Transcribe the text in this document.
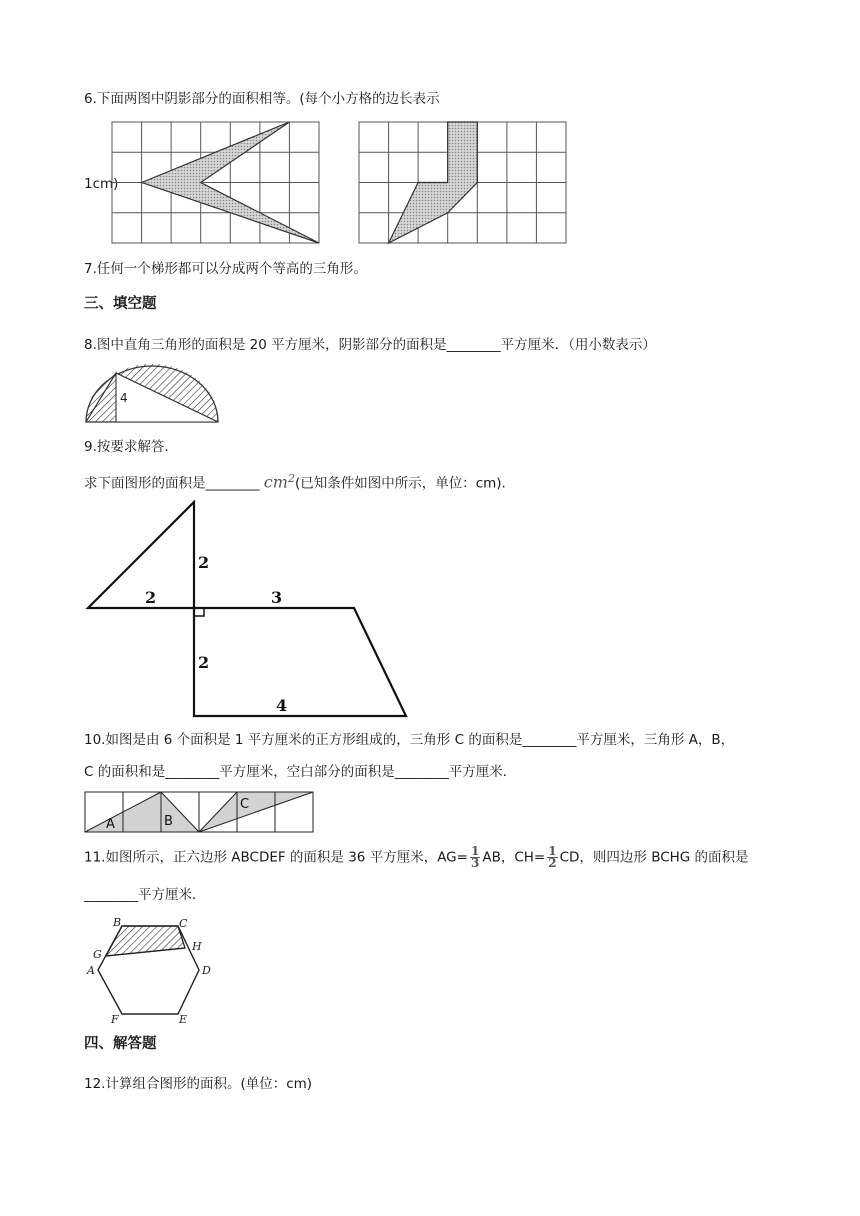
6.下面两图中阴影部分的面积相等。(每个小方格的边长表示
1cm)
7.任何一个梯形都可以分成两个等高的三角形。
三、填空题
8.图中直角三角形的面积是 20 平方厘米，阴影部分的面积是________平方厘米．（用小数表示）
4
9.按要求解答.
求下面图形的面积是________ $cm^2$(已知条件如图中所示，单位：cm).
2
2	3
2
4
10.如图是由 6 个面积是 1 平方厘米的正方形组成的，三角形 C 的面积是________平方厘米，三角形 A，B，
C 的面积和是________平方厘米，空白部分的面积是________平方厘米．
A	B
C
11.如图所示，正六边形 ABCDEF 的面积是 36 平方厘米，$AG= \frac{1}{3}$ AB，$CH= \frac{1}{2}$ CD，则四边形 BCHG 的面积是
________平方厘米．
B	C
G
H
A	D
F	E
四、解答题
12.计算组合图形的面积。(单位：cm)
